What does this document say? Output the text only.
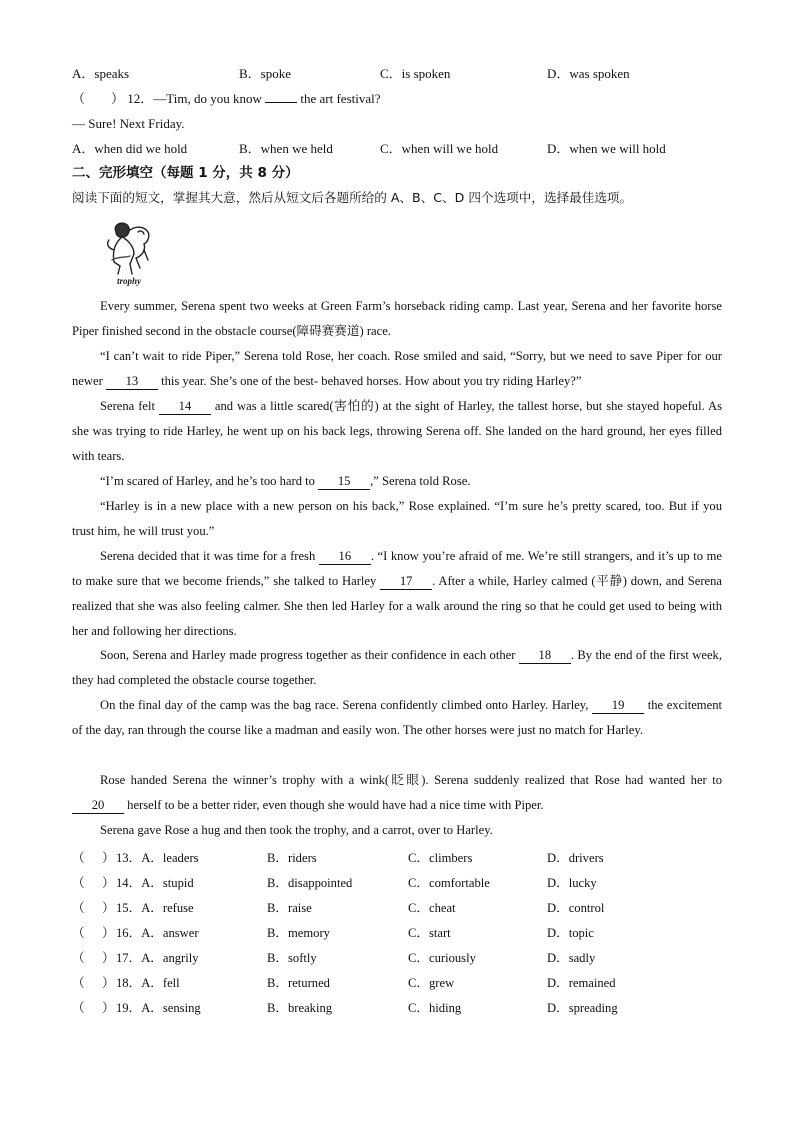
A．speaks	B．spoke	C．is spoken	D．was spoken
（　　） 12．—Tim, do you know	the art festival?
— Sure! Next Friday.
A．when did we hold	B．when we held	C．when will we hold	D．when we will hold
二、完形填空（每题 1 分，共 8 分）
阅读下面的短文，掌握其大意，然后从短文后各题所给的 A、B、C、D 四个选项中，选择最佳选项。
trophy
Every summer, Serena spent two weeks at Green Farm’s horseback riding camp. Last year, Serena and her favorite horse Piper finished second in the obstacle course(障碍赛赛道) race.
“I can’t wait to ride Piper,” Serena told Rose, her coach. Rose smiled and said, “Sorry, but we need to save Piper for our newer 13 this year. She’s one of the best- behaved horses. How about you try riding Harley?”
Serena felt 14 and was a little scared(害怕的) at the sight of Harley, the tallest horse, but she stayed hopeful. As she was trying to ride Harley, he went up on his back legs, throwing Serena off. She landed on the hard ground, her eyes filled with tears.
“I’m scared of Harley, and he’s too hard to 15 ,” Serena told Rose.
“Harley is in a new place with a new person on his back,” Rose explained. “I’m sure he’s pretty scared, too. But if you trust him, he will trust you.”
Serena decided that it was time for a fresh 16 . “I know you’re afraid of me. We’re still strangers, and it’s up to me to make sure that we become friends,” she talked to Harley 17 . After a while, Harley calmed (平静) down, and Serena realized that she was also feeling calmer. She then led Harley for a walk around the ring so that he could get used to being with her and following her directions.
Soon, Serena and Harley made progress together as their confidence in each other 18 . By the end of the first week, they had completed the obstacle course together.
On the final day of the camp was the bag race. Serena confidently climbed onto Harley. Harley, 19 the excitement of the day, ran through the course like a madman and easily won. The other horses were just no match for Harley.
Rose handed Serena the winner’s trophy with a wink(眨眼). Serena suddenly realized that Rose had wanted her to 20 herself to be a better rider, even though she would have had a nice time with Piper.
Serena gave Rose a hug and then took the trophy, and a carrot, over to Harley.
（ ） 13．A．leaders	B．riders	C．climbers	D．drivers
（ ） 14．A．stupid	B．disappointed	C．comfortable	D．lucky
（ ） 15．A．refuse	B．raise	C．cheat	D．control
（ ） 16．A．answer	B．memory	C．start	D．topic
（ ） 17．A．angrily	B．softly	C．curiously	D．sadly
（ ） 18．A．fell	B．returned	C．grew	D．remained
（ ） 19．A．sensing	B．breaking	C．hiding	D．spreading
